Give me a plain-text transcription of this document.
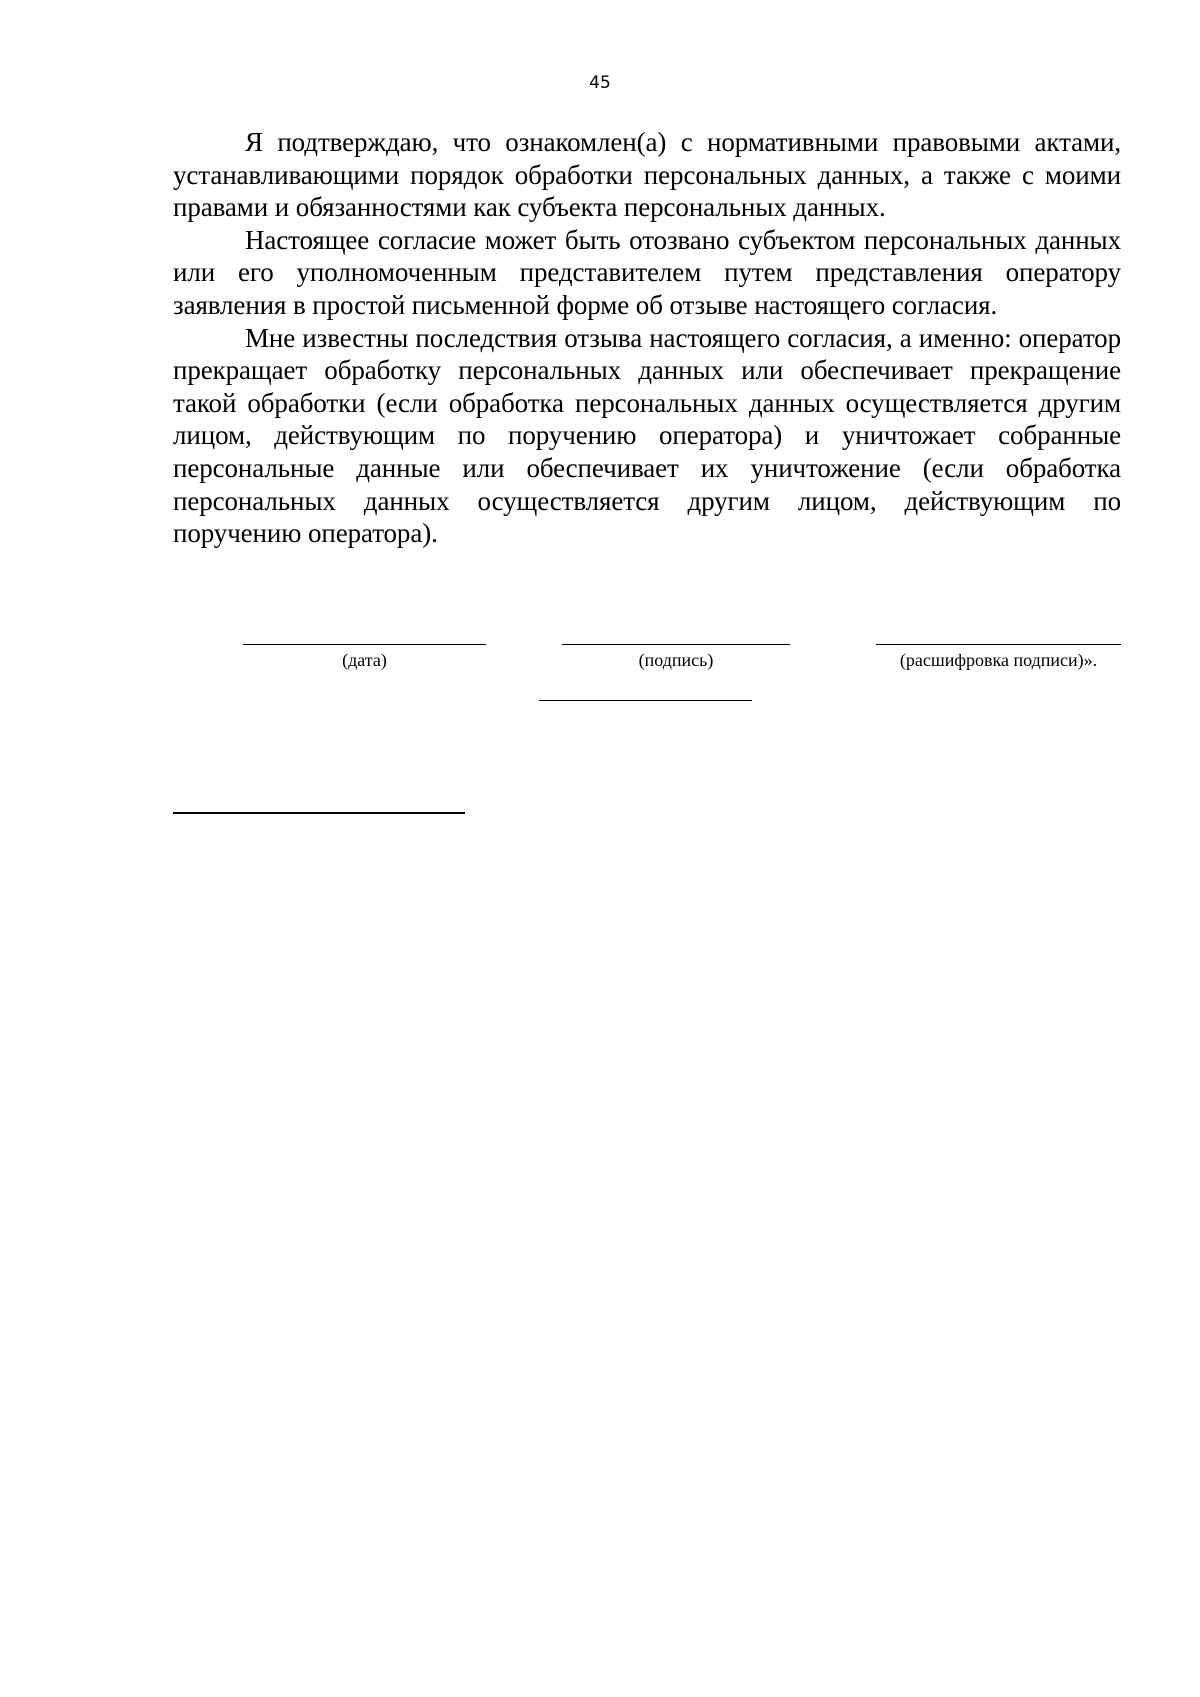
45

Я подтверждаю, что ознакомлен(а) с нормативными правовыми актами, устанавливающими порядок обработки персональных данных, а также с моими правами и обязанностями как субъекта персональных данных.

Настоящее согласие может быть отозвано субъектом персональных данных или его уполномоченным представителем путем представления оператору заявления в простой письменной форме об отзыве настоящего согласия.

Мне известны последствия отзыва настоящего согласия, а именно: оператор прекращает обработку персональных данных или обеспечивает прекращение такой обработки (если обработка персональных данных осуществляется другим лицом, действующим по поручению оператора) и уничтожает собранные персональные данные или обеспечивает их уничтожение (если обработка персональных данных осуществляется другим лицом, действующим по поручению оператора).

(дата)	(подпись)	(расшифровка подписи)».
